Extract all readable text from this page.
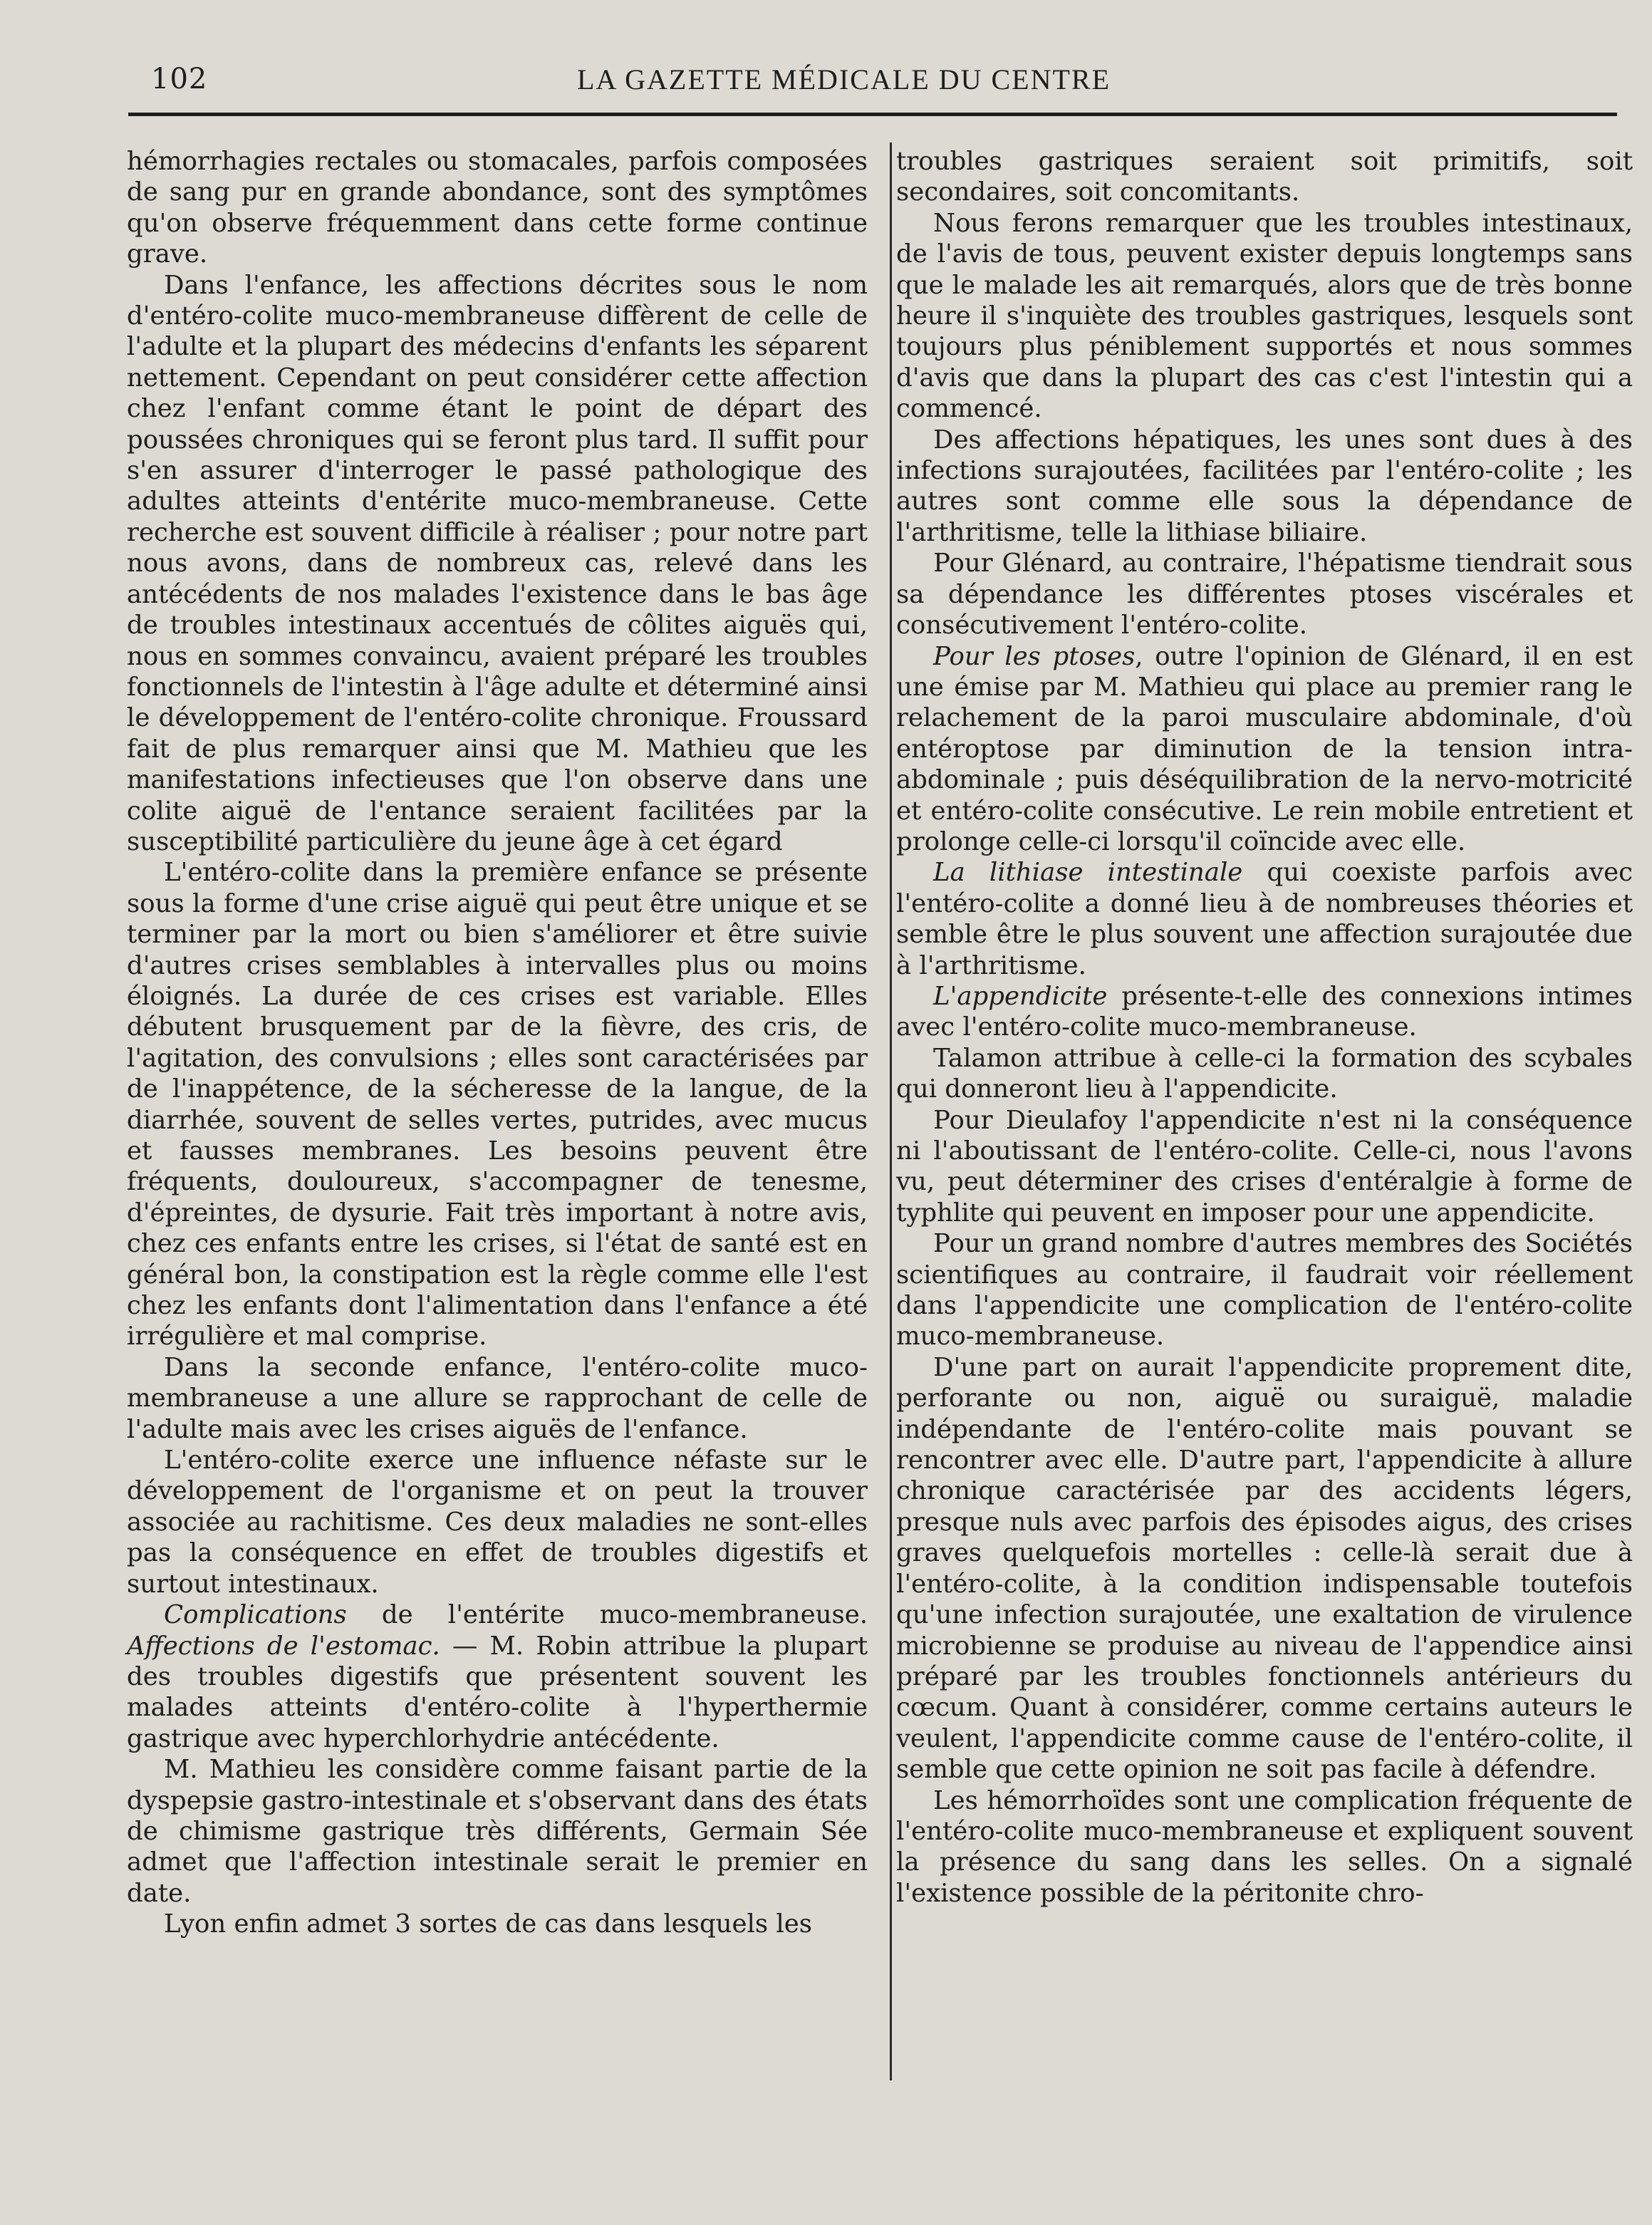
102	LA GAZETTE MÉDICALE DU CENTRE

hémorrhagies rectales ou stomacales, parfois composées de sang pur en grande abondance, sont des symptômes qu'on observe fréquemment dans cette forme continue grave.

Dans l'enfance, les affections décrites sous le nom d'entéro-colite muco-membraneuse diffèrent de celle de l'adulte et la plupart des médecins d'enfants les séparent nettement. Cependant on peut considérer cette affection chez l'enfant comme étant le point de départ des poussées chroniques qui se feront plus tard. Il suffit pour s'en assurer d'interroger le passé pathologique des adultes atteints d'entérite muco-membraneuse. Cette recherche est souvent difficile à réaliser ; pour notre part nous avons, dans de nombreux cas, relevé dans les antécédents de nos malades l'existence dans le bas âge de troubles intestinaux accentués de côlites aiguës qui, nous en sommes convaincu, avaient préparé les troubles fonctionnels de l'intestin à l'âge adulte et déterminé ainsi le développement de l'entéro-colite chronique. Froussard fait de plus remarquer ainsi que M. Mathieu que les manifestations infectieuses que l'on observe dans une colite aiguë de l'entance seraient facilitées par la susceptibilité particulière du jeune âge à cet égard

L'entéro-colite dans la première enfance se présente sous la forme d'une crise aiguë qui peut être unique et se terminer par la mort ou bien s'améliorer et être suivie d'autres crises semblables à intervalles plus ou moins éloignés. La durée de ces crises est variable. Elles débutent brusquement par de la fièvre, des cris, de l'agitation, des convulsions ; elles sont caractérisées par de l'inappétence, de la sécheresse de la langue, de la diarrhée, souvent de selles vertes, putrides, avec mucus et fausses membranes. Les besoins peuvent être fréquents, douloureux, s'accompagner de tenesme, d'épreintes, de dysurie. Fait très important à notre avis, chez ces enfants entre les crises, si l'état de santé est en général bon, la constipation est la règle comme elle l'est chez les enfants dont l'alimentation dans l'enfance a été irrégulière et mal comprise.

Dans la seconde enfance, l'entéro-colite muco-membraneuse a une allure se rapprochant de celle de l'adulte mais avec les crises aiguës de l'enfance.

L'entéro-colite exerce une influence néfaste sur le développement de l'organisme et on peut la trouver associée au rachitisme. Ces deux maladies ne sont-elles pas la conséquence en effet de troubles digestifs et surtout intestinaux.

Complications de l'entérite muco-membraneuse. Affections de l'estomac. — M. Robin attribue la plupart des troubles digestifs que présentent souvent les malades atteints d'entéro-colite à l'hyperthermie gastrique avec hyperchlorhydrie antécédente.

M. Mathieu les considère comme faisant partie de la dyspepsie gastro-intestinale et s'observant dans des états de chimisme gastrique très différents, Germain Sée admet que l'affection intestinale serait le premier en date.

Lyon enfin admet 3 sortes de cas dans lesquels les

troubles gastriques seraient soit primitifs, soit secondaires, soit concomitants.

Nous ferons remarquer que les troubles intestinaux, de l'avis de tous, peuvent exister depuis longtemps sans que le malade les ait remarqués, alors que de très bonne heure il s'inquiète des troubles gastriques, lesquels sont toujours plus péniblement supportés et nous sommes d'avis que dans la plupart des cas c'est l'intestin qui a commencé.

Des affections hépatiques, les unes sont dues à des infections surajoutées, facilitées par l'entéro-colite ; les autres sont comme elle sous la dépendance de l'arthritisme, telle la lithiase biliaire.

Pour Glénard, au contraire, l'hépatisme tiendrait sous sa dépendance les différentes ptoses viscérales et consécutivement l'entéro-colite.

Pour les ptoses, outre l'opinion de Glénard, il en est une émise par M. Mathieu qui place au premier rang le relachement de la paroi musculaire abdominale, d'où entéroptose par diminution de la tension intra-abdominale ; puis déséquilibration de la nervo-motricité et entéro-colite consécutive. Le rein mobile entretient et prolonge celle-ci lorsqu'il coïncide avec elle.

La lithiase intestinale qui coexiste parfois avec l'entéro-colite a donné lieu à de nombreuses théories et semble être le plus souvent une affection surajoutée due à l'arthritisme.

L'appendicite présente-t-elle des connexions intimes avec l'entéro-colite muco-membraneuse.

Talamon attribue à celle-ci la formation des scybales qui donneront lieu à l'appendicite.

Pour Dieulafoy l'appendicite n'est ni la conséquence ni l'aboutissant de l'entéro-colite. Celle-ci, nous l'avons vu, peut déterminer des crises d'entéralgie à forme de typhlite qui peuvent en imposer pour une appendicite.

Pour un grand nombre d'autres membres des Sociétés scientifiques au contraire, il faudrait voir réellement dans l'appendicite une complication de l'entéro-colite muco-membraneuse.

D'une part on aurait l'appendicite proprement dite, perforante ou non, aiguë ou suraiguë, maladie indépendante de l'entéro-colite mais pouvant se rencontrer avec elle. D'autre part, l'appendicite à allure chronique caractérisée par des accidents légers, presque nuls avec parfois des épisodes aigus, des crises graves quelquefois mortelles : celle-là serait due à l'entéro-colite, à la condition indispensable toutefois qu'une infection surajoutée, une exaltation de virulence microbienne se produise au niveau de l'appendice ainsi préparé par les troubles fonctionnels antérieurs du cœcum. Quant à considérer, comme certains auteurs le veulent, l'appendicite comme cause de l'entéro-colite, il semble que cette opinion ne soit pas facile à défendre.

Les hémorrhoïdes sont une complication fréquente de l'entéro-colite muco-membraneuse et expliquent souvent la présence du sang dans les selles. On a signalé l'existence possible de la péritonite chro-
